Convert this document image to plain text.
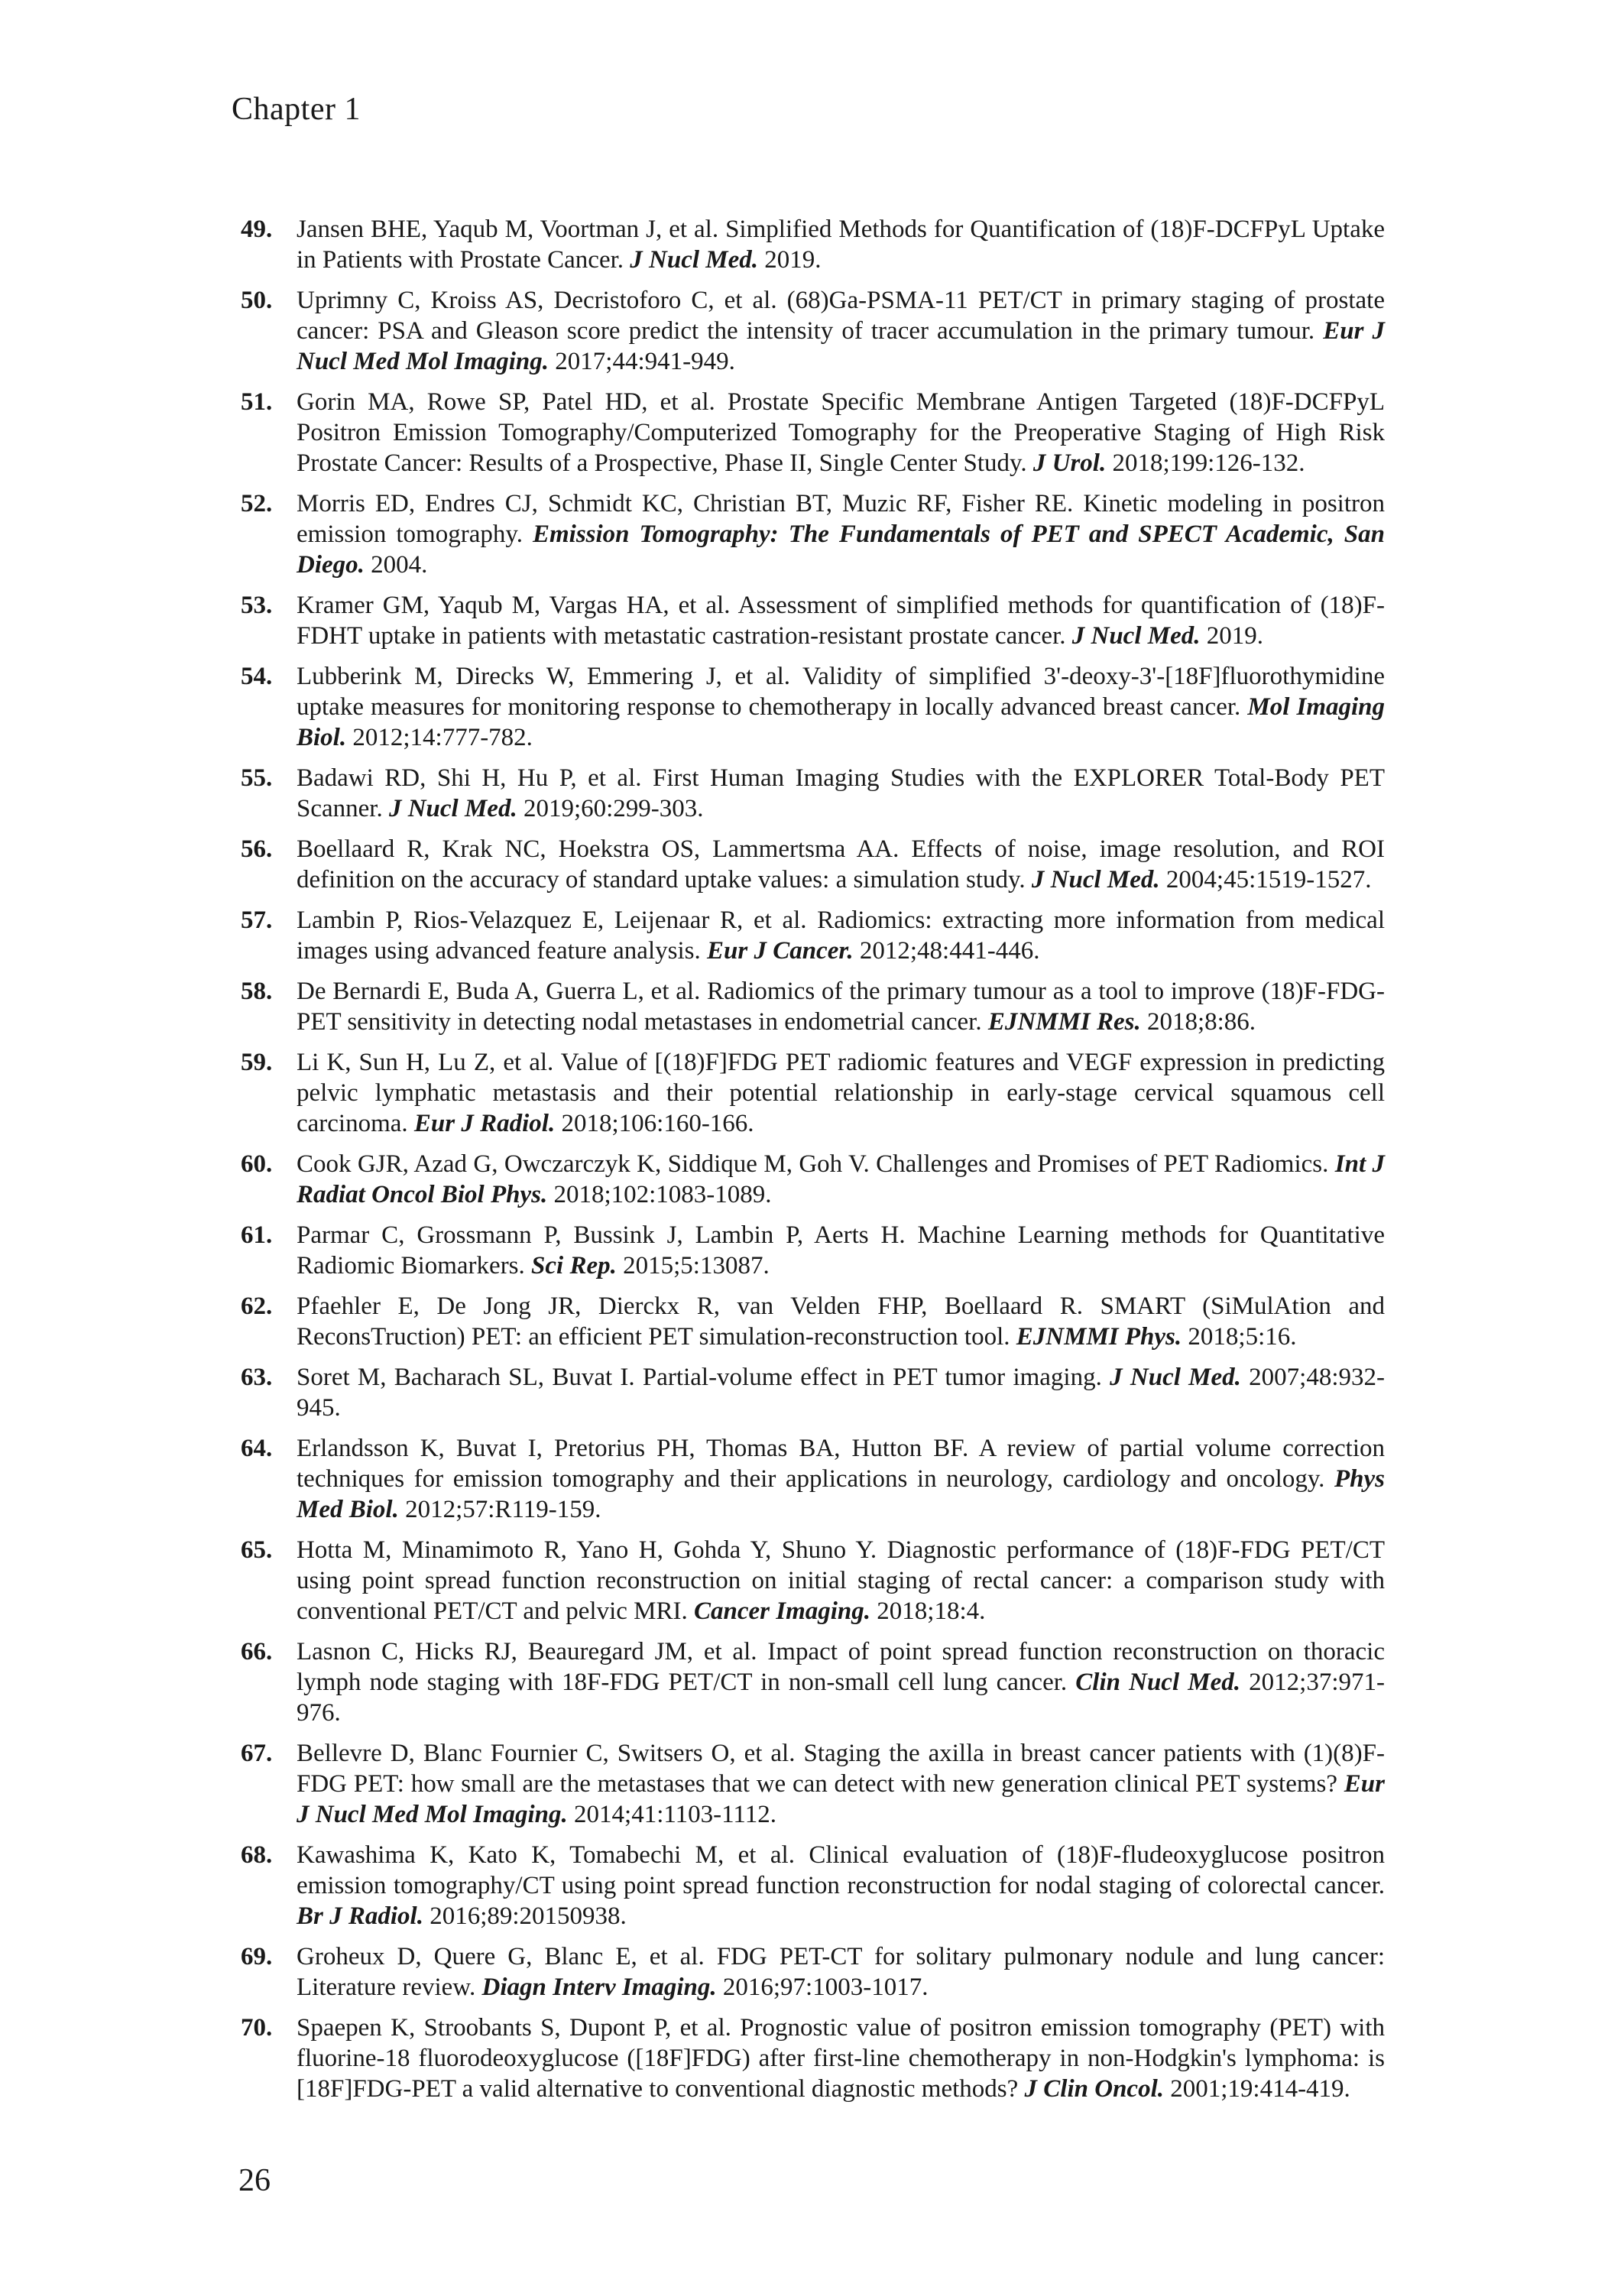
Chapter 1
49. Jansen BHE, Yaqub M, Voortman J, et al. Simplified Methods for Quantification of (18)F-DCFPyL Uptake in Patients with Prostate Cancer. J Nucl Med. 2019.
50. Uprimny C, Kroiss AS, Decristoforo C, et al. (68)Ga-PSMA-11 PET/CT in primary staging of prostate cancer: PSA and Gleason score predict the intensity of tracer accumulation in the primary tumour. Eur J Nucl Med Mol Imaging. 2017;44:941-949.
51. Gorin MA, Rowe SP, Patel HD, et al. Prostate Specific Membrane Antigen Targeted (18)F-DCFPyL Positron Emission Tomography/Computerized Tomography for the Preoperative Staging of High Risk Prostate Cancer: Results of a Prospective, Phase II, Single Center Study. J Urol. 2018;199:126-132.
52. Morris ED, Endres CJ, Schmidt KC, Christian BT, Muzic RF, Fisher RE. Kinetic modeling in positron emission tomography. Emission Tomography: The Fundamentals of PET and SPECT Academic, San Diego. 2004.
53. Kramer GM, Yaqub M, Vargas HA, et al. Assessment of simplified methods for quantification of (18)F-FDHT uptake in patients with metastatic castration-resistant prostate cancer. J Nucl Med. 2019.
54. Lubberink M, Direcks W, Emmering J, et al. Validity of simplified 3'-deoxy-3'-[18F]fluorothymidine uptake measures for monitoring response to chemotherapy in locally advanced breast cancer. Mol Imaging Biol. 2012;14:777-782.
55. Badawi RD, Shi H, Hu P, et al. First Human Imaging Studies with the EXPLORER Total-Body PET Scanner. J Nucl Med. 2019;60:299-303.
56. Boellaard R, Krak NC, Hoekstra OS, Lammertsma AA. Effects of noise, image resolution, and ROI definition on the accuracy of standard uptake values: a simulation study. J Nucl Med. 2004;45:1519-1527.
57. Lambin P, Rios-Velazquez E, Leijenaar R, et al. Radiomics: extracting more information from medical images using advanced feature analysis. Eur J Cancer. 2012;48:441-446.
58. De Bernardi E, Buda A, Guerra L, et al. Radiomics of the primary tumour as a tool to improve (18)F-FDG-PET sensitivity in detecting nodal metastases in endometrial cancer. EJNMMI Res. 2018;8:86.
59. Li K, Sun H, Lu Z, et al. Value of [(18)F]FDG PET radiomic features and VEGF expression in predicting pelvic lymphatic metastasis and their potential relationship in early-stage cervical squamous cell carcinoma. Eur J Radiol. 2018;106:160-166.
60. Cook GJR, Azad G, Owczarczyk K, Siddique M, Goh V. Challenges and Promises of PET Radiomics. Int J Radiat Oncol Biol Phys. 2018;102:1083-1089.
61. Parmar C, Grossmann P, Bussink J, Lambin P, Aerts H. Machine Learning methods for Quantitative Radiomic Biomarkers. Sci Rep. 2015;5:13087.
62. Pfaehler E, De Jong JR, Dierckx R, van Velden FHP, Boellaard R. SMART (SiMulAtion and ReconsTruction) PET: an efficient PET simulation-reconstruction tool. EJNMMI Phys. 2018;5:16.
63. Soret M, Bacharach SL, Buvat I. Partial-volume effect in PET tumor imaging. J Nucl Med. 2007;48:932-945.
64. Erlandsson K, Buvat I, Pretorius PH, Thomas BA, Hutton BF. A review of partial volume correction techniques for emission tomography and their applications in neurology, cardiology and oncology. Phys Med Biol. 2012;57:R119-159.
65. Hotta M, Minamimoto R, Yano H, Gohda Y, Shuno Y. Diagnostic performance of (18)F-FDG PET/CT using point spread function reconstruction on initial staging of rectal cancer: a comparison study with conventional PET/CT and pelvic MRI. Cancer Imaging. 2018;18:4.
66. Lasnon C, Hicks RJ, Beauregard JM, et al. Impact of point spread function reconstruction on thoracic lymph node staging with 18F-FDG PET/CT in non-small cell lung cancer. Clin Nucl Med. 2012;37:971-976.
67. Bellevre D, Blanc Fournier C, Switsers O, et al. Staging the axilla in breast cancer patients with (1)(8)F-FDG PET: how small are the metastases that we can detect with new generation clinical PET systems? Eur J Nucl Med Mol Imaging. 2014;41:1103-1112.
68. Kawashima K, Kato K, Tomabechi M, et al. Clinical evaluation of (18)F-fludeoxyglucose positron emission tomography/CT using point spread function reconstruction for nodal staging of colorectal cancer. Br J Radiol. 2016;89:20150938.
69. Groheux D, Quere G, Blanc E, et al. FDG PET-CT for solitary pulmonary nodule and lung cancer: Literature review. Diagn Interv Imaging. 2016;97:1003-1017.
70. Spaepen K, Stroobants S, Dupont P, et al. Prognostic value of positron emission tomography (PET) with fluorine-18 fluorodeoxyglucose ([18F]FDG) after first-line chemotherapy in non-Hodgkin's lymphoma: is [18F]FDG-PET a valid alternative to conventional diagnostic methods? J Clin Oncol. 2001;19:414-419.
26
